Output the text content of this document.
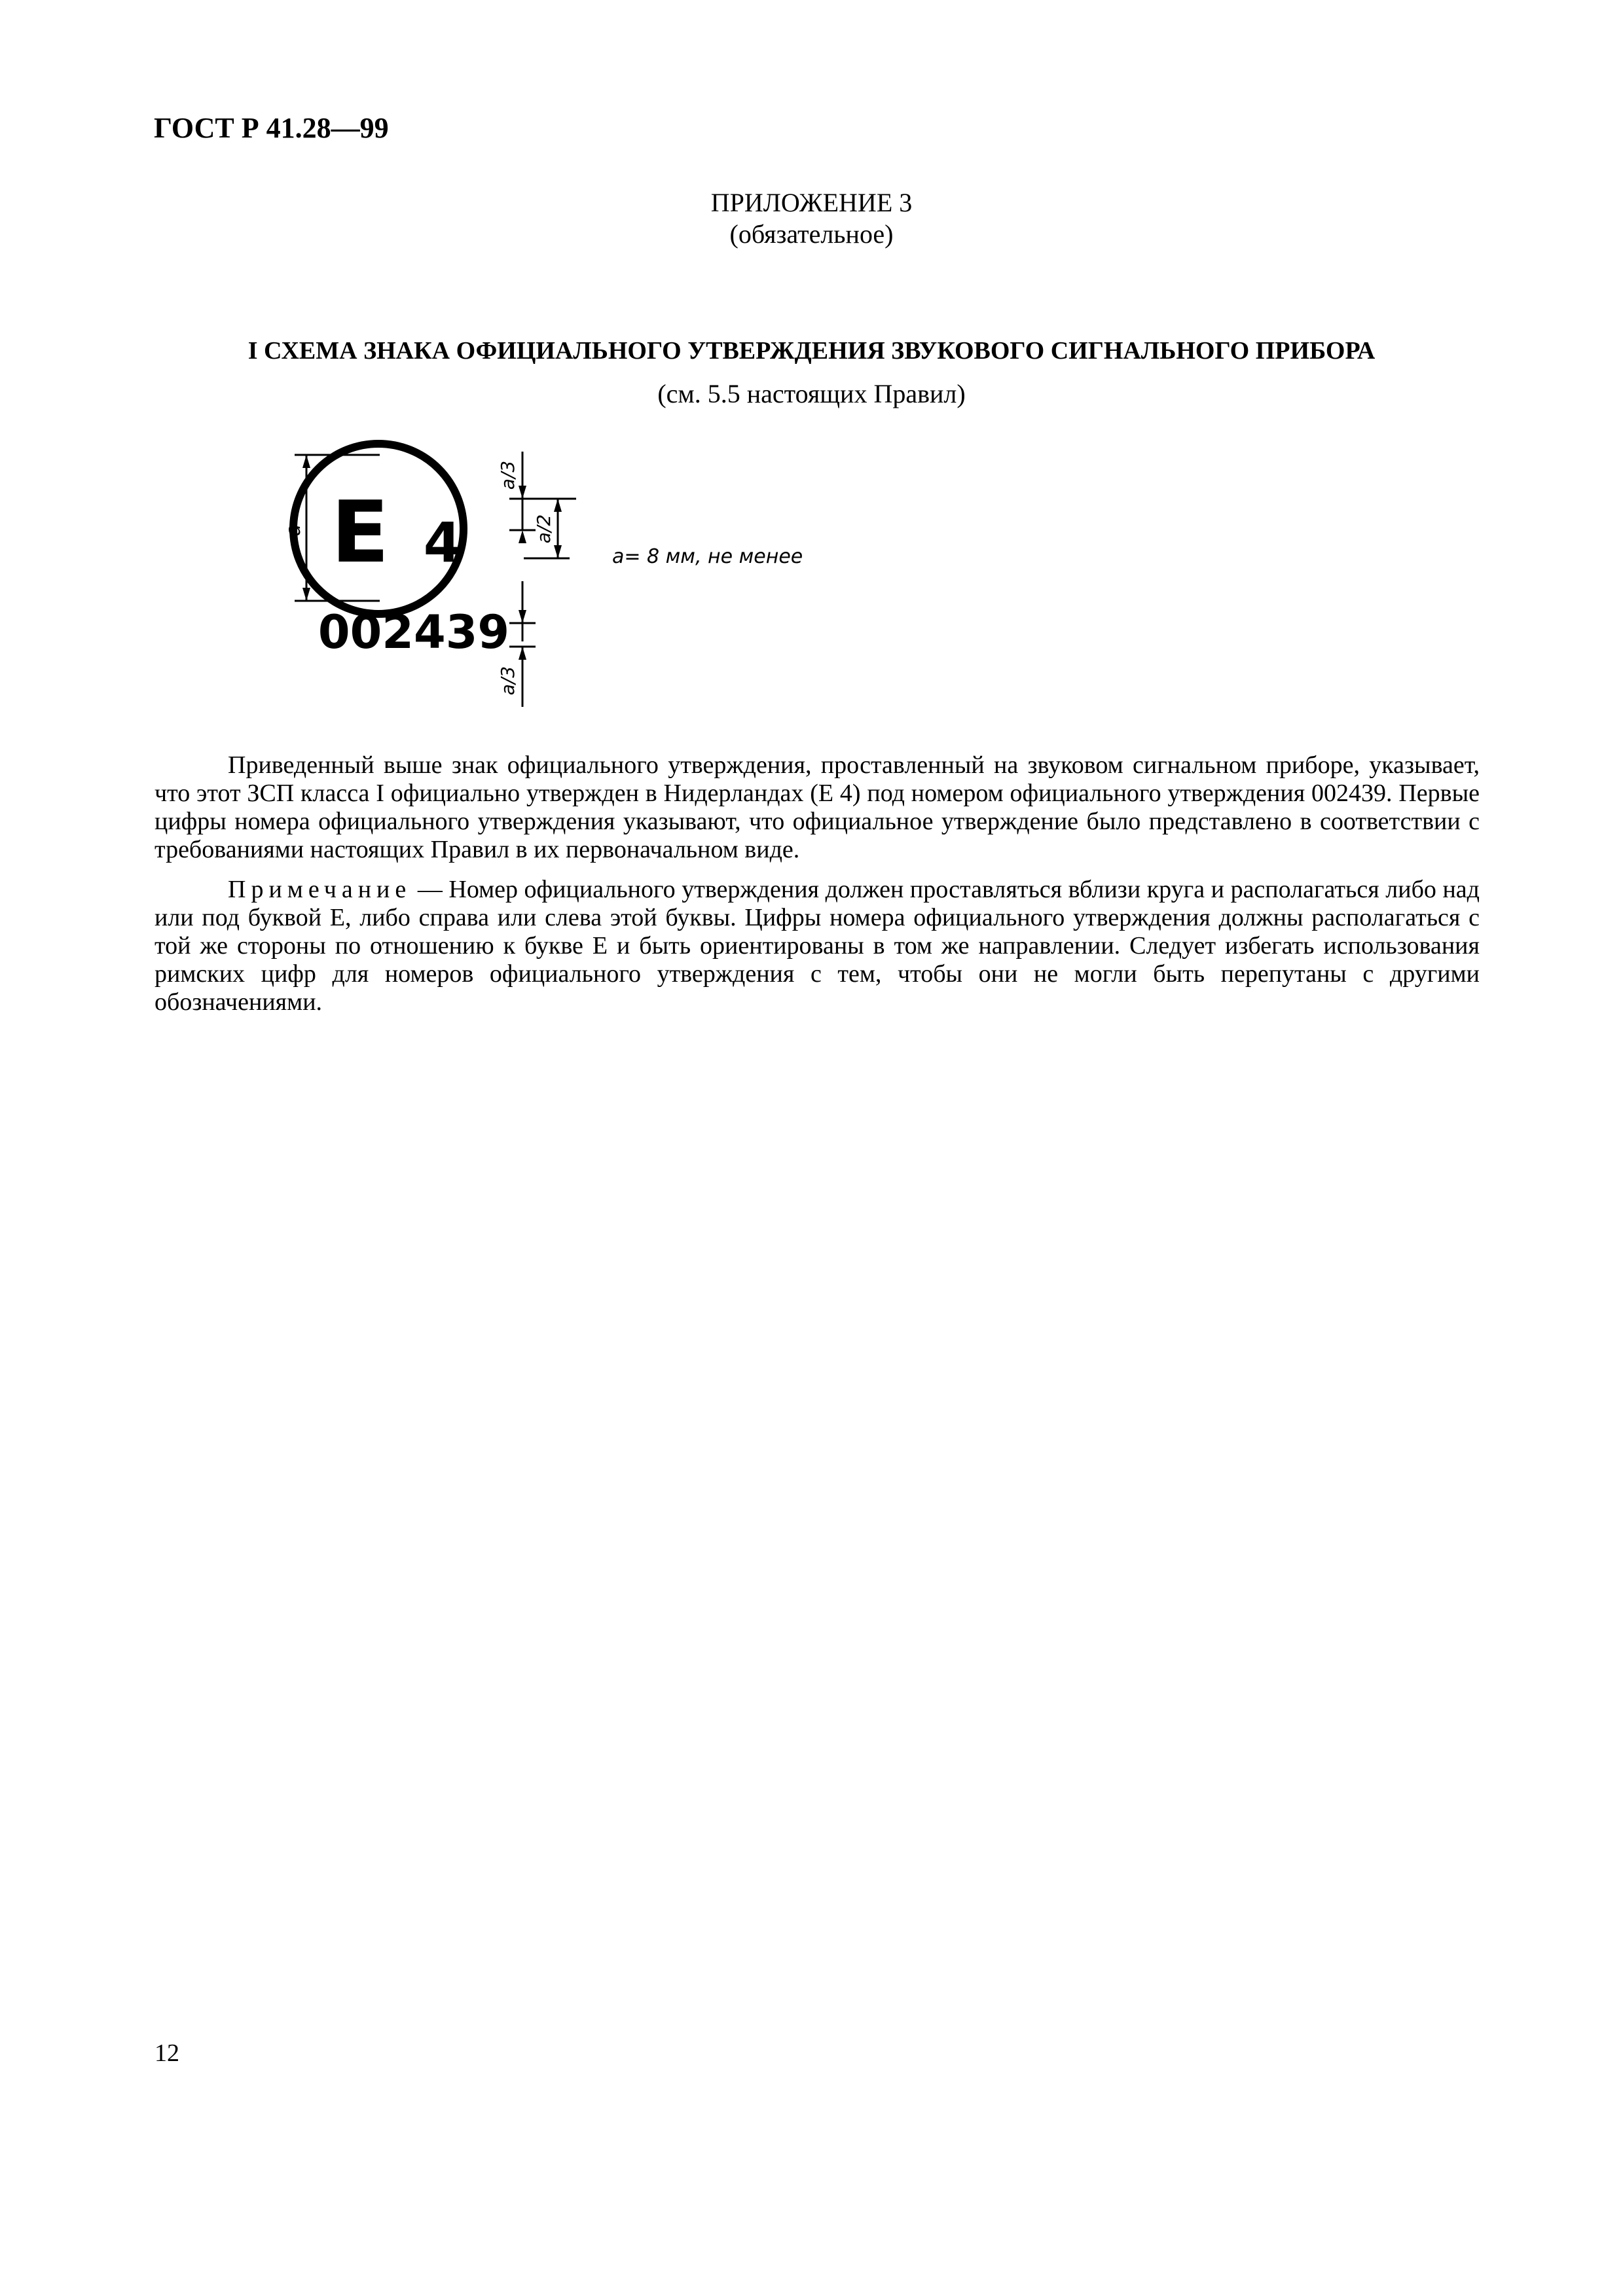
ГОСТ Р 41.28—99
ПРИЛОЖЕНИЕ 3
(обязательное)
I СХЕМА ЗНАКА ОФИЦИАЛЬНОГО УТВЕРЖДЕНИЯ ЗВУКОВОГО СИГНАЛЬНОГО ПРИБОРА
(см. 5.5 настоящих Правил)
E 4
002439
a
a/3
a/2
a/3
a= 8 мм, не менее

Приведенный выше знак официального утверждения, проставленный на звуковом сигнальном приборе, указывает, что этот ЗСП класса I официально утвержден в Нидерландах (Е 4) под номером официального утверждения 002439. Первые цифры номера официального утверждения указывают, что официальное утверждение было представлено в соответствии с требованиями настоящих Правил в их первоначальном виде.

Примечание — Номер официального утверждения должен проставляться вблизи круга и располагаться либо над или под буквой Е, либо справа или слева этой буквы. Цифры номера официального утверждения должны располагаться с той же стороны по отношению к букве Е и быть ориентированы в том же направлении. Следует избегать использования римских цифр для номеров официального утверждения с тем, чтобы они не могли быть перепутаны с другими обозначениями.

12
